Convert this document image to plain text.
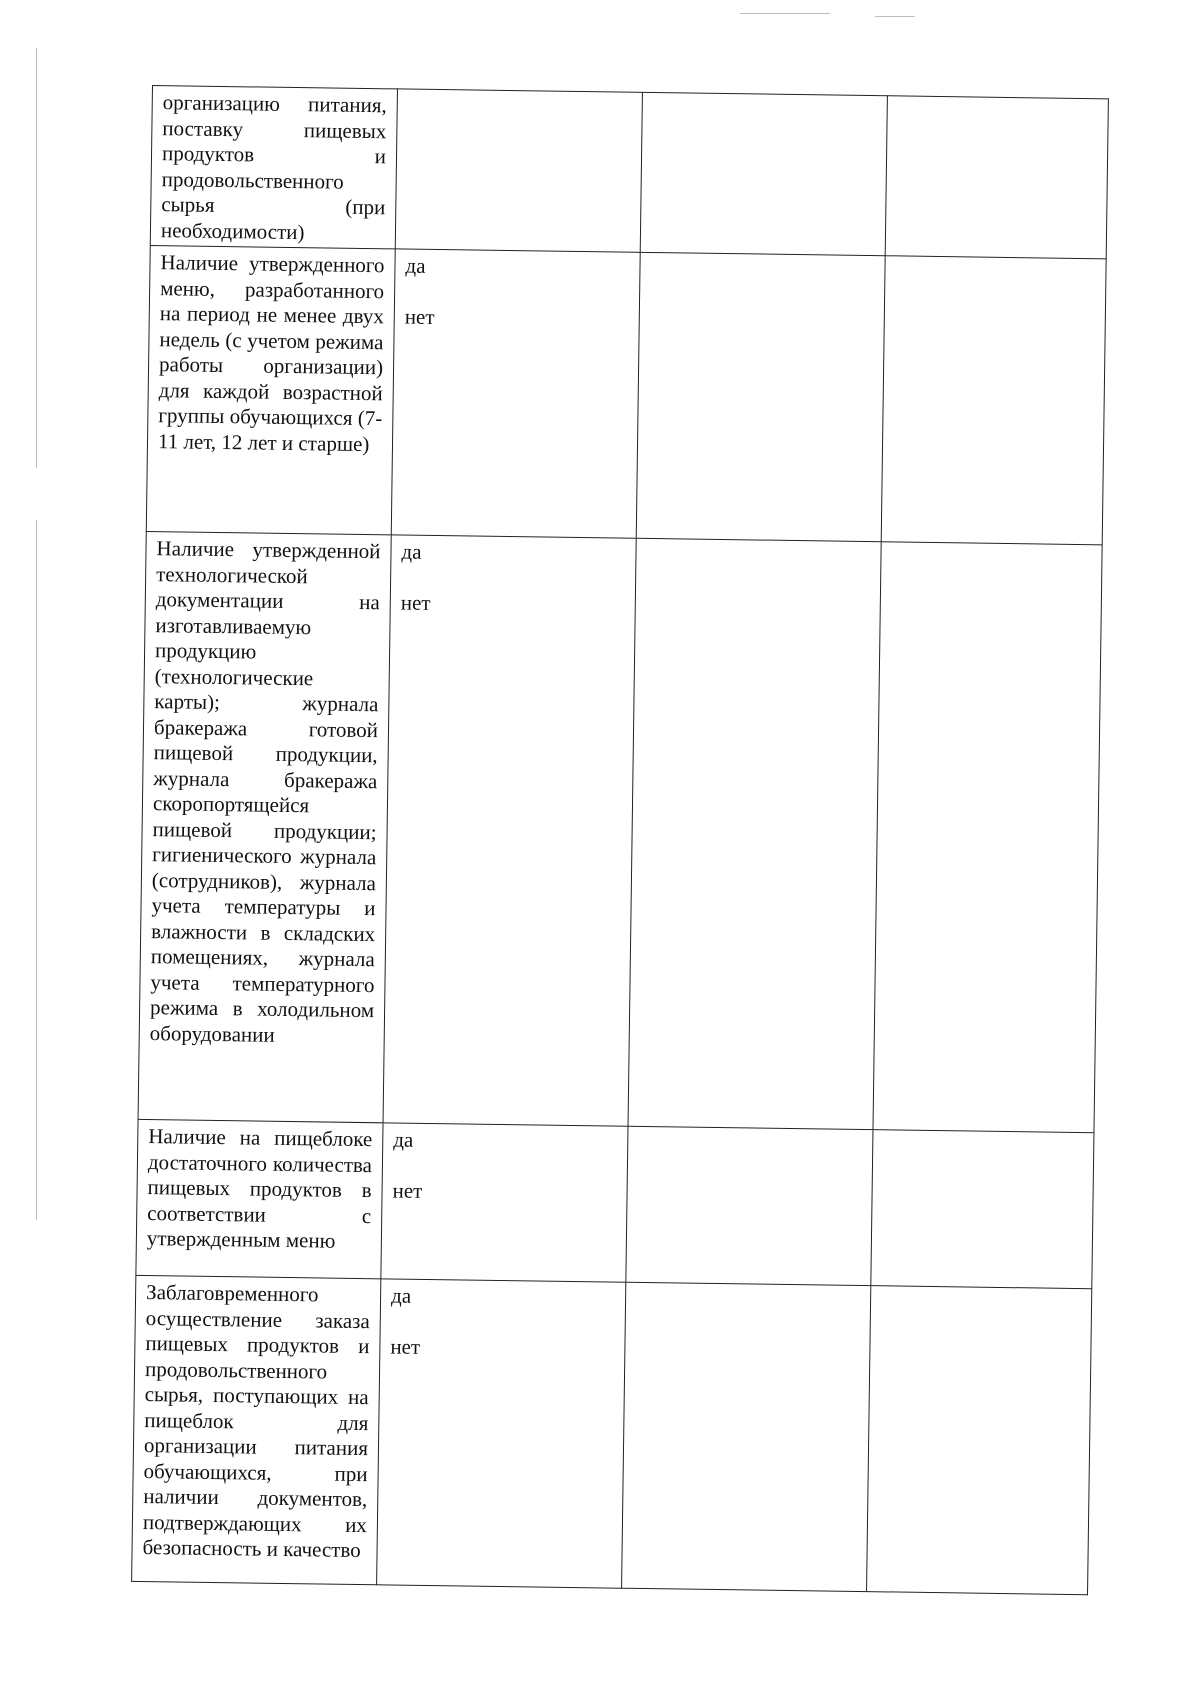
организацию питания, поставку пищевых продуктов и продовольственного сырья (при необходимости)			
Наличие утвержденного меню, разработанного на период не менее двух недель (с учетом режима работы организации) для каждой возрастной группы обучающихся (7-11 лет, 12 лет и старше)	да
нет		

Наличие утвержденной технологической документации на изготавливаемую продукцию (технологические карты); журнала бракеража готовой пищевой продукции, журнала бракеража скоропортящейся пищевой продукции; гигиенического журнала (сотрудников), журнала учета температуры и влажности в складских помещениях, журнала учета температурного режима в холодильном оборудовании	да
нет		

Наличие на пищеблоке достаточного количества пищевых продуктов в соответствии с утвержденным меню	да
нет		

Заблаговременного осуществление заказа пищевых продуктов и продовольственного сырья, поступающих на пищеблок для организации питания обучающихся, при наличии документов, подтверждающих их безопасность и качество	да
нет		
